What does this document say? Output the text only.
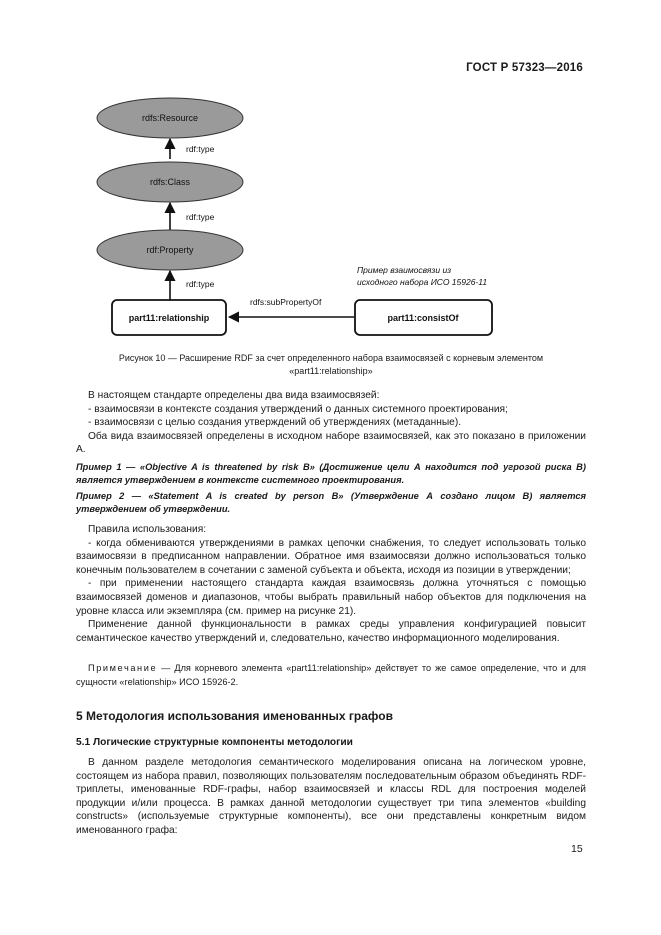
ГОСТ Р 57323—2016
rdfs:Resource
rdfs:Class
rdf:Property
part11:relationship	part11:consistOf
rdf:type
rdf:type
rdf:type
rdfs:subPropertyOf
Пример взаимосвязи из
исходного набора ИСО 15926-11
Рисунок 10 — Расширение RDF за счет определенного набора взаимосвязей с корневым элементом
«part11:relationship»

В настоящем стандарте определены два вида взаимосвязей:

- взаимосвязи в контексте создания утверждений о данных системного проектирования;

- взаимосвязи с целью создания утверждений об утверждениях (метаданные).

Оба вида взаимосвязей определены в исходном наборе взаимосвязей, как это показано в приложении А.

Пример 1 — «Objective A is threatened by risk B» (Достижение цели А находится под угрозой риска В) является утверждением в контексте системного проектирования.
Пример 2 — «Statement A is created by person B» (Утверждение А создано лицом В) является утверждением об утверждении.

Правила использования:

- когда обмениваются утверждениями в рамках цепочки снабжения, то следует использовать только взаимосвязи в предписанном направлении. Обратное имя взаимосвязи должно использоваться только конечным пользователем в сочетании с заменой субъекта и объекта, исходя из позиции в утверждении;

- при применении настоящего стандарта каждая взаимосвязь должна уточняться с помощью взаимосвязей доменов и диапазонов, чтобы выбрать правильный набор объектов для подключения на уровне класса или экземпляра (см. пример на рисунке 21).

Применение данной функциональности в рамках среды управления конфигурацией повысит семантическое качество утверждений и, следовательно, качество информационного моделирования.

Примечание — Для корневого элемента «part11:relationship» действует то же самое определение, что и для сущности «relationship» ИСО 15926-2.

5 Методология использования именованных графов
5.1 Логические структурные компоненты методологии

В данном разделе методология семантического моделирования описана на логическом уровне, состоящем из набора правил, позволяющих пользователям последовательным образом объединять RDF-триплеты, именованные RDF-графы, набор взаимосвязей и классы RDL для построения моделей продукции и/или процесса. В рамках данной методологии существует три типа элементов «building constructs» (используемые структурные компоненты), все они представлены конкретным видом именованного графа:

15
